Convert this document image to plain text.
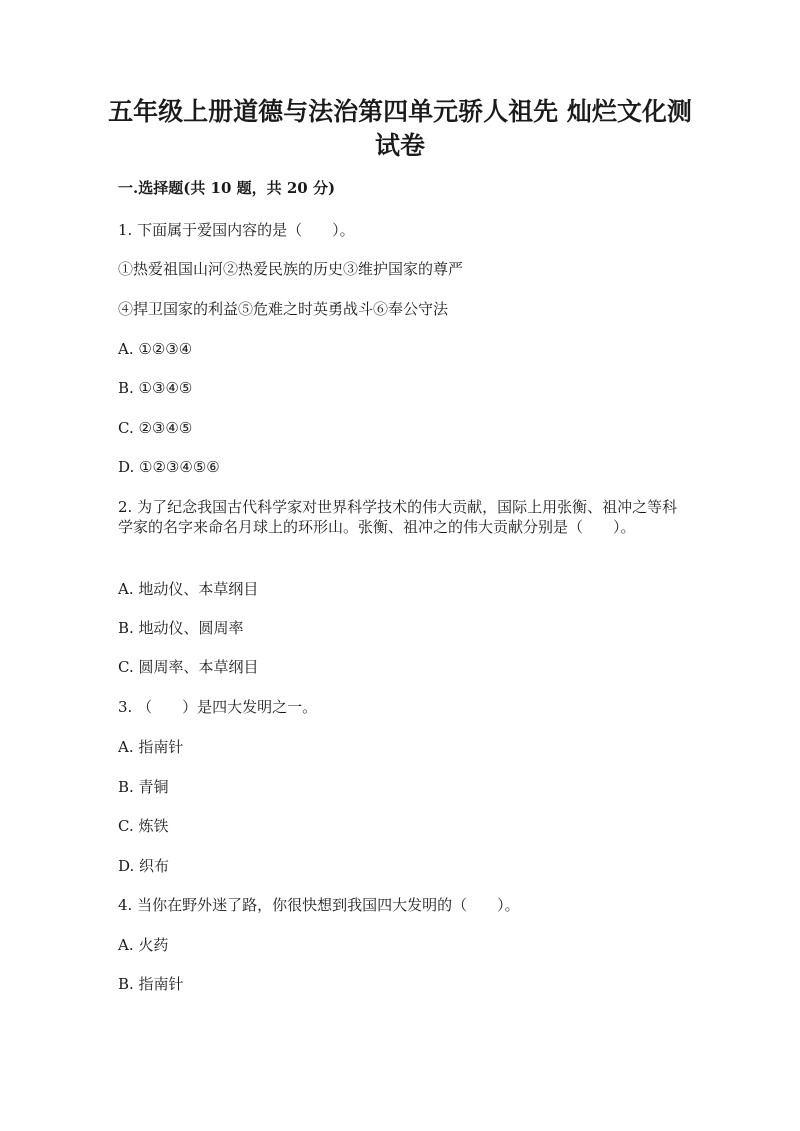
五年级上册道德与法治第四单元骄人祖先 灿烂文化测试卷
一.选择题(共 10 题，共 20 分)
1. 下面属于爱国内容的是（　　）。
①热爱祖国山河②热爱民族的历史③维护国家的尊严
④捍卫国家的利益⑤危难之时英勇战斗⑥奉公守法
A. ①②③④
B. ①③④⑤
C. ②③④⑤
D. ①②③④⑤⑥
2. 为了纪念我国古代科学家对世界科学技术的伟大贡献，国际上用张衡、祖冲之等科学家的名字来命名月球上的环形山。张衡、祖冲之的伟大贡献分别是（　　）。
A. 地动仪、本草纲目
B. 地动仪、圆周率
C. 圆周率、本草纲目
3. （　　）是四大发明之一。
A. 指南针
B. 青铜
C. 炼铁
D. 织布
4. 当你在野外迷了路，你很快想到我国四大发明的（　　）。
A. 火药
B. 指南针
